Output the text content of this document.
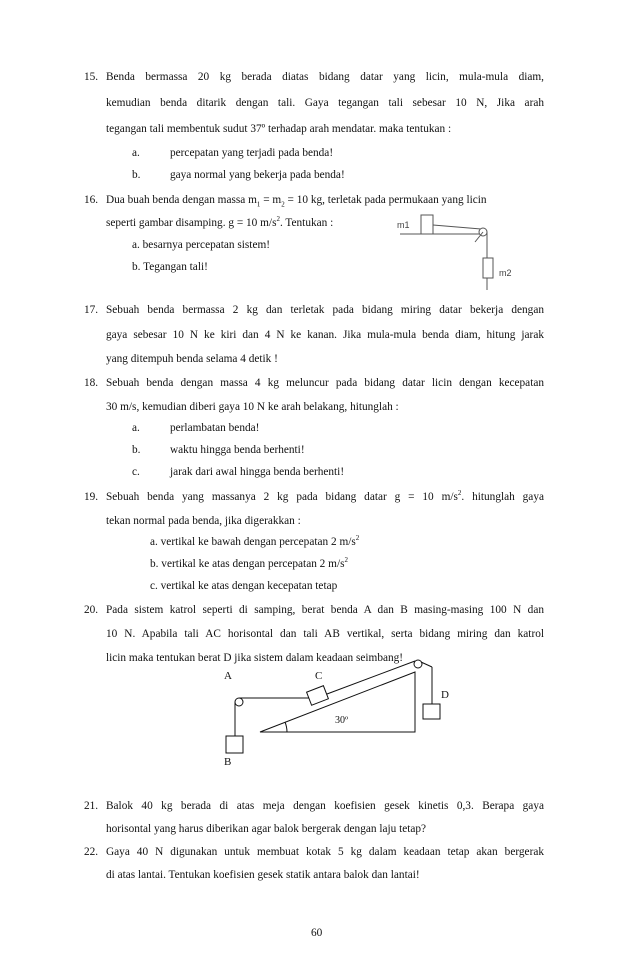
15. Benda bermassa 20 kg berada diatas bidang datar yang licin, mula-mula diam,
kemudian benda ditarik dengan tali. Gaya tegangan tali sebesar 10 N, Jika arah
tegangan tali membentuk sudut 37º terhadap arah mendatar. maka tentukan :
a.	percepatan yang terjadi pada benda!
b.	gaya normal yang bekerja pada benda!
16. Dua buah benda dengan massa $m_1 = m_2 = 10$ kg, terletak pada permukaan yang licin
seperti gambar disamping. g = 10 $m/s^2$. Tentukan :
a. besarnya percepatan sistem!
b. Tegangan tali!
m1
m2
17. Sebuah benda bermassa 2 kg dan terletak pada bidang miring datar bekerja dengan
gaya sebesar 10 N ke kiri dan 4 N ke kanan. Jika mula-mula benda diam, hitung jarak
yang ditempuh benda selama 4 detik !
18. Sebuah benda dengan massa 4 kg meluncur pada bidang datar licin dengan kecepatan
30 m/s, kemudian diberi gaya 10 N ke arah belakang, hitunglah :
a.	perlambatan benda!
b.	waktu hingga benda berhenti!
c.	jarak dari awal hingga benda berhenti!
19. Sebuah benda yang massanya 2 kg pada bidang datar g = 10 $m/s^2$. hitunglah gaya
tekan normal pada benda, jika digerakkan :
a. vertikal ke bawah dengan percepatan 2 $m/s^2$
b. vertikal ke atas dengan percepatan 2 $m/s^2$
c. vertikal ke atas dengan kecepatan tetap
20. Pada sistem katrol seperti di samping, berat benda A dan B masing-masing 100 N dan
10 N. Apabila tali AC horisontal dan tali AB vertikal, serta bidang miring dan katrol
licin maka tentukan berat D jika sistem dalam keadaan seimbang!
A	C
D
30º
B
21. Balok 40 kg berada di atas meja dengan koefisien gesek kinetis 0,3. Berapa gaya
horisontal yang harus diberikan agar balok bergerak dengan laju tetap?
22. Gaya 40 N digunakan untuk membuat kotak 5 kg dalam keadaan tetap akan bergerak
di atas lantai. Tentukan koefisien gesek statik antara balok dan lantai!
60
